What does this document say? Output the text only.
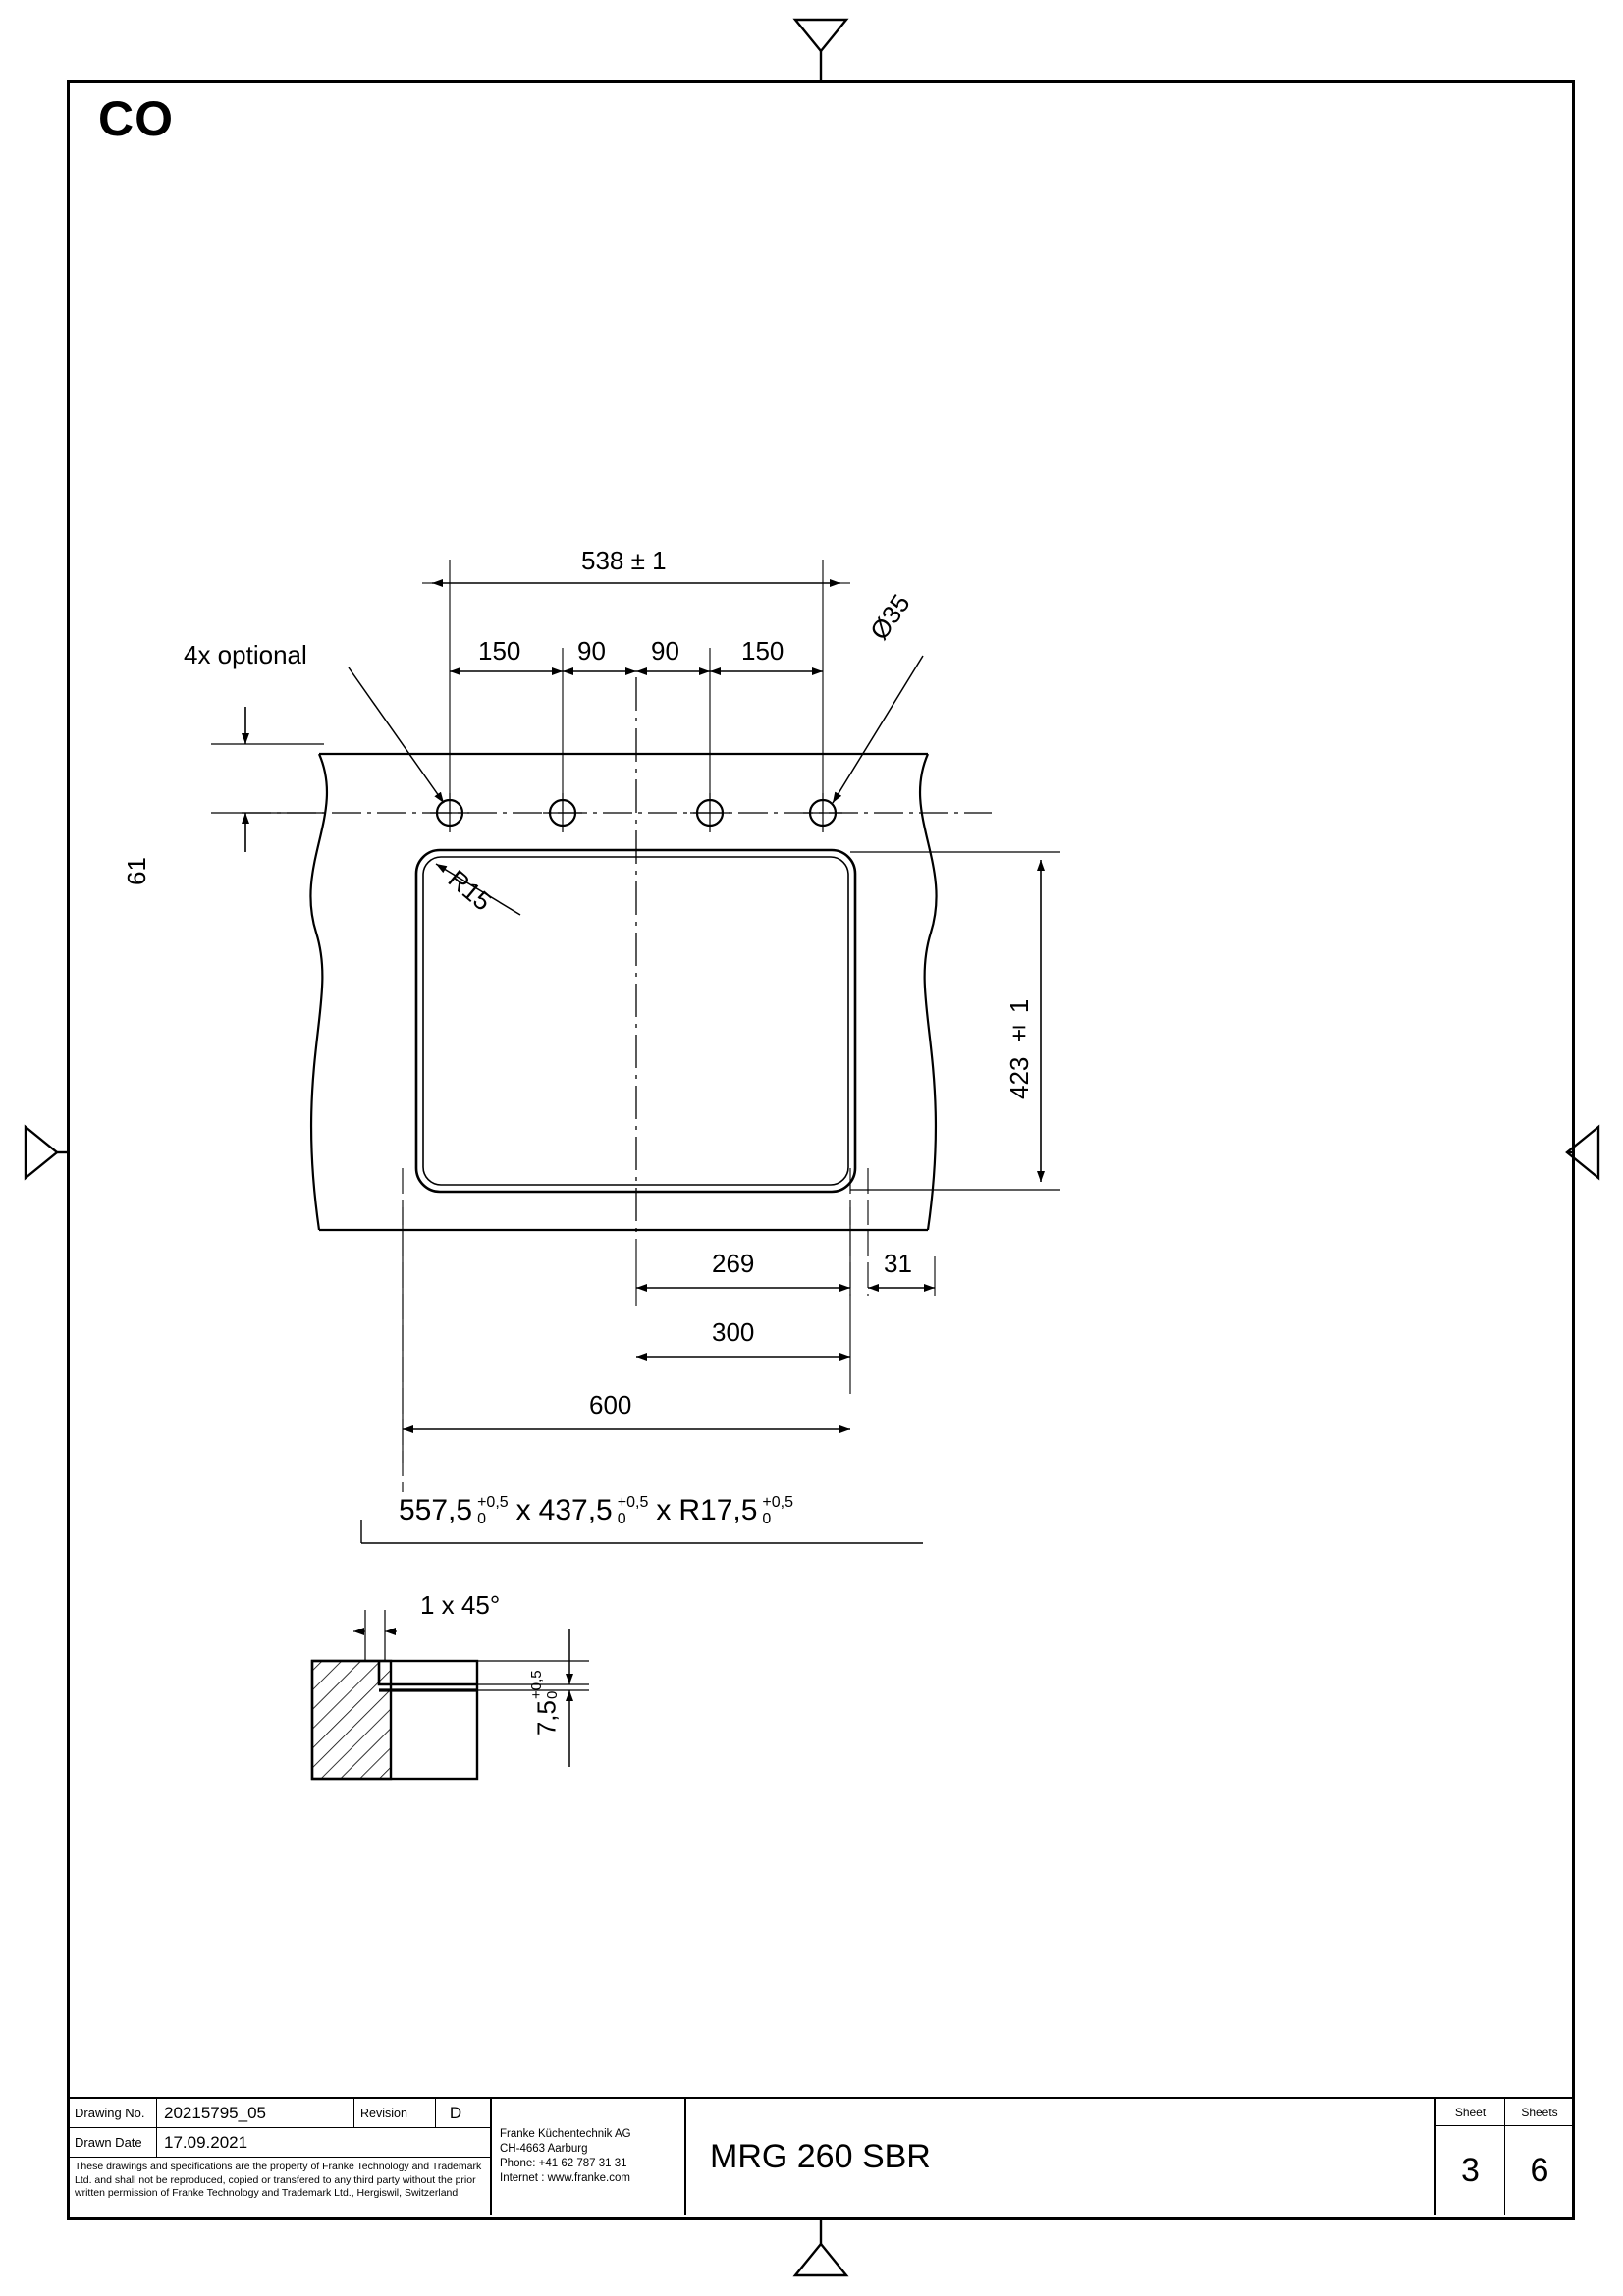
CO
538 ± 1
4x optional	150 90 90 150
Ø35
61	R15
423 ± 1
269	31
300
600
1 x 45°
557,5 +0,5
0	x 437,5 +0,5
0	x R17,5 +0,5
0
7,5
+0,5 0
Drawing No.	20215795_05	Revision	D
Drawn Date	17.09.2021
These drawings and specifications are the property of Franke Technology and Trademark Ltd. and shall not be reproduced, copied or transfered to any third party without the prior written permission of Franke Technology and Trademark Ltd., Hergiswil, Switzerland
Franke Küchentechnik AG
CH-4663 Aarburg
Phone: +41 62 787 31 31
Internet : www.franke.com
MRG 260 SBR
Sheet	Sheets
3	6
